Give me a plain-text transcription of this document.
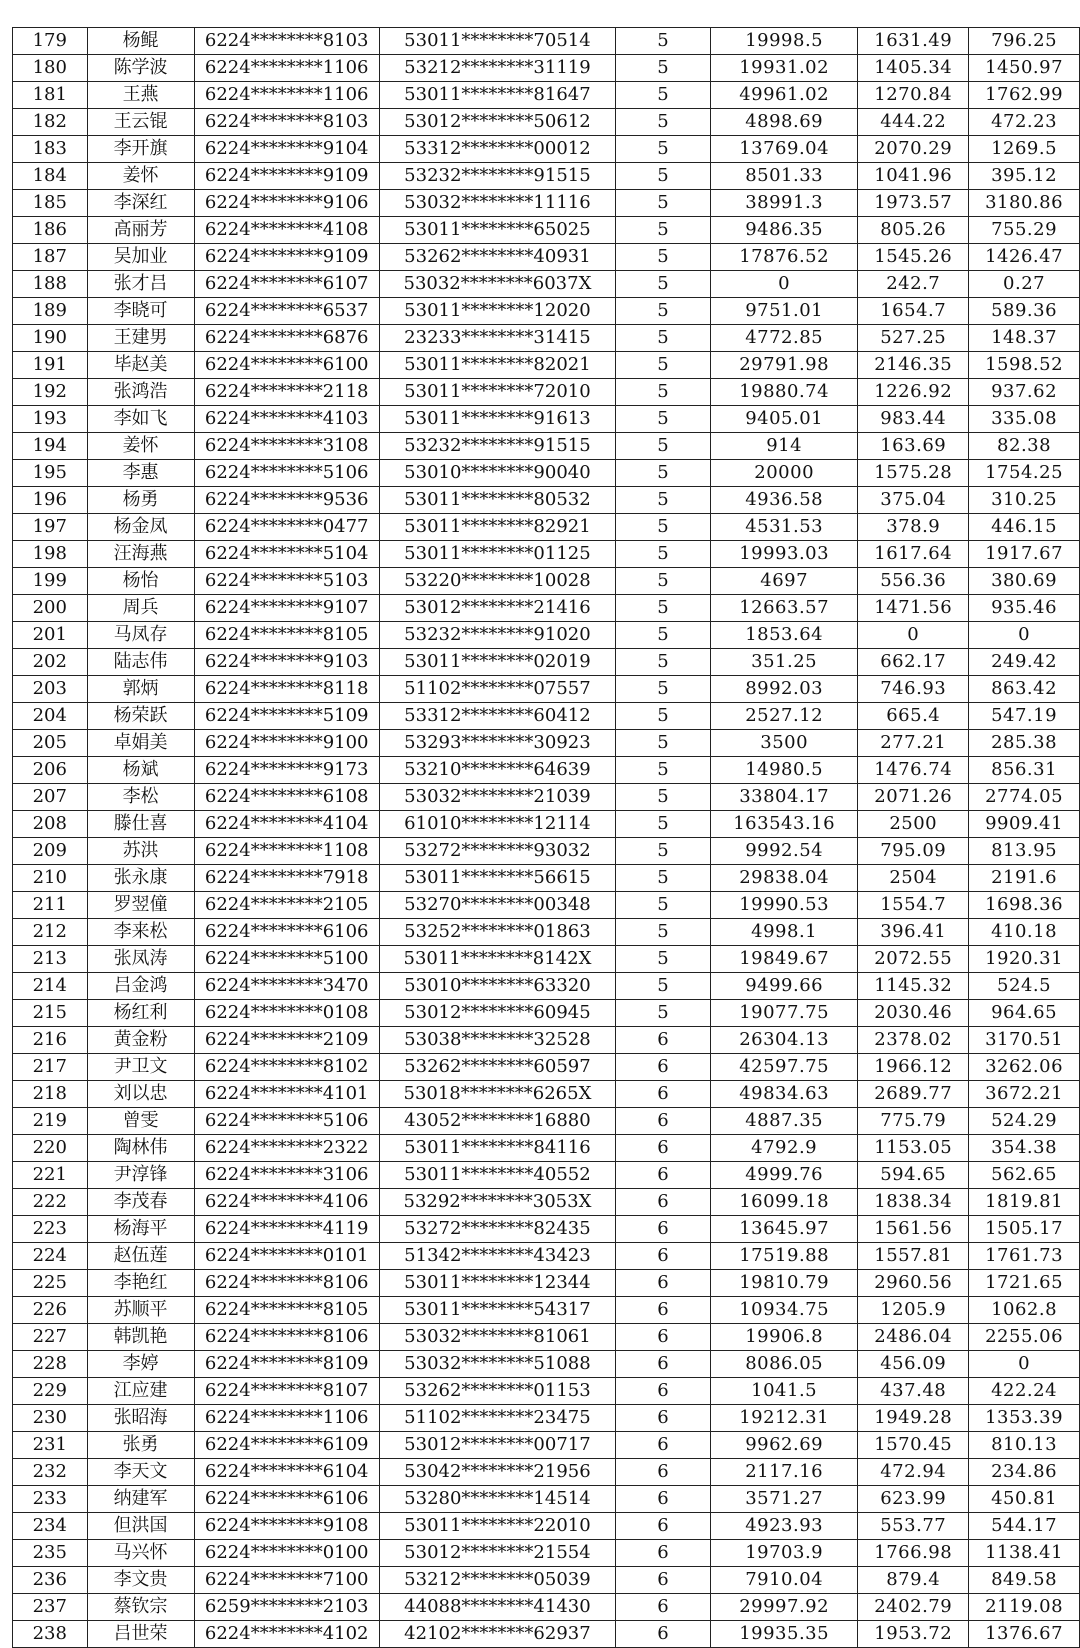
179	杨鲲	6224********8103	53011********70514	5	19998.5	1631.49	796.25
180	陈学波	6224********1106	53212********31119	5	19931.02	1405.34	1450.97
181	王燕	6224********1106	53011********81647	5	49961.02	1270.84	1762.99
182	王云锟	6224********8103	53012********50612	5	4898.69	444.22	472.23
183	李开旗	6224********9104	53312********00012	5	13769.04	2070.29	1269.5
184	姜怀	6224********9109	53232********91515	5	8501.33	1041.96	395.12
185	李深红	6224********9106	53032********11116	5	38991.3	1973.57	3180.86
186	高丽芳	6224********4108	53011********65025	5	9486.35	805.26	755.29
187	吴加业	6224********9109	53262********40931	5	17876.52	1545.26	1426.47
188	张才吕	6224********6107	53032********6037X	5	0	242.7	0.27
189	李晓可	6224********6537	53011********12020	5	9751.01	1654.7	589.36
190	王建男	6224********6876	23233********31415	5	4772.85	527.25	148.37
191	毕赵美	6224********6100	53011********82021	5	29791.98	2146.35	1598.52
192	张鸿浩	6224********2118	53011********72010	5	19880.74	1226.92	937.62
193	李如飞	6224********4103	53011********91613	5	9405.01	983.44	335.08
194	姜怀	6224********3108	53232********91515	5	914	163.69	82.38
195	李惠	6224********5106	53010********90040	5	20000	1575.28	1754.25
196	杨勇	6224********9536	53011********80532	5	4936.58	375.04	310.25
197	杨金凤	6224********0477	53011********82921	5	4531.53	378.9	446.15
198	汪海燕	6224********5104	53011********01125	5	19993.03	1617.64	1917.67
199	杨怡	6224********5103	53220********10028	5	4697	556.36	380.69
200	周兵	6224********9107	53012********21416	5	12663.57	1471.56	935.46
201	马凤存	6224********8105	53232********91020	5	1853.64	0	0
202	陆志伟	6224********9103	53011********02019	5	351.25	662.17	249.42
203	郭炳	6224********8118	51102********07557	5	8992.03	746.93	863.42
204	杨荣跃	6224********5109	53312********60412	5	2527.12	665.4	547.19
205	卓娟美	6224********9100	53293********30923	5	3500	277.21	285.38
206	杨斌	6224********9173	53210********64639	5	14980.5	1476.74	856.31
207	李松	6224********6108	53032********21039	5	33804.17	2071.26	2774.05
208	滕仕喜	6224********4104	61010********12114	5	163543.16	2500	9909.41
209	苏洪	6224********1108	53272********93032	5	9992.54	795.09	813.95
210	张永康	6224********7918	53011********56615	5	29838.04	2504	2191.6
211	罗翌僮	6224********2105	53270********00348	5	19990.53	1554.7	1698.36
212	李来松	6224********6106	53252********01863	5	4998.1	396.41	410.18
213	张凤涛	6224********5100	53011********8142X	5	19849.67	2072.55	1920.31
214	吕金鸿	6224********3470	53010********63320	5	9499.66	1145.32	524.5
215	杨红利	6224********0108	53012********60945	5	19077.75	2030.46	964.65
216	黄金粉	6224********2109	53038********32528	6	26304.13	2378.02	3170.51
217	尹卫文	6224********8102	53262********60597	6	42597.75	1966.12	3262.06
218	刘以忠	6224********4101	53018********6265X	6	49834.63	2689.77	3672.21
219	曾雯	6224********5106	43052********16880	6	4887.35	775.79	524.29
220	陶林伟	6224********2322	53011********84116	6	4792.9	1153.05	354.38
221	尹淳锋	6224********3106	53011********40552	6	4999.76	594.65	562.65
222	李茂春	6224********4106	53292********3053X	6	16099.18	1838.34	1819.81
223	杨海平	6224********4119	53272********82435	6	13645.97	1561.56	1505.17
224	赵伍莲	6224********0101	51342********43423	6	17519.88	1557.81	1761.73
225	李艳红	6224********8106	53011********12344	6	19810.79	2960.56	1721.65
226	苏顺平	6224********8105	53011********54317	6	10934.75	1205.9	1062.8
227	韩凯艳	6224********8106	53032********81061	6	19906.8	2486.04	2255.06
228	李婷	6224********8109	53032********51088	6	8086.05	456.09	0
229	江应建	6224********8107	53262********01153	6	1041.5	437.48	422.24
230	张昭海	6224********1106	51102********23475	6	19212.31	1949.28	1353.39
231	张勇	6224********6109	53012********00717	6	9962.69	1570.45	810.13
232	李天文	6224********6104	53042********21956	6	2117.16	472.94	234.86
233	纳建军	6224********6106	53280********14514	6	3571.27	623.99	450.81
234	但洪国	6224********9108	53011********22010	6	4923.93	553.77	544.17
235	马兴怀	6224********0100	53012********21554	6	19703.9	1766.98	1138.41
236	李文贵	6224********7100	53212********05039	6	7910.04	879.4	849.58
237	蔡钦宗	6259********2103	44088********41430	6	29997.92	2402.79	2119.08
238	吕世荣	6224********4102	42102********62937	6	19935.35	1953.72	1376.67
